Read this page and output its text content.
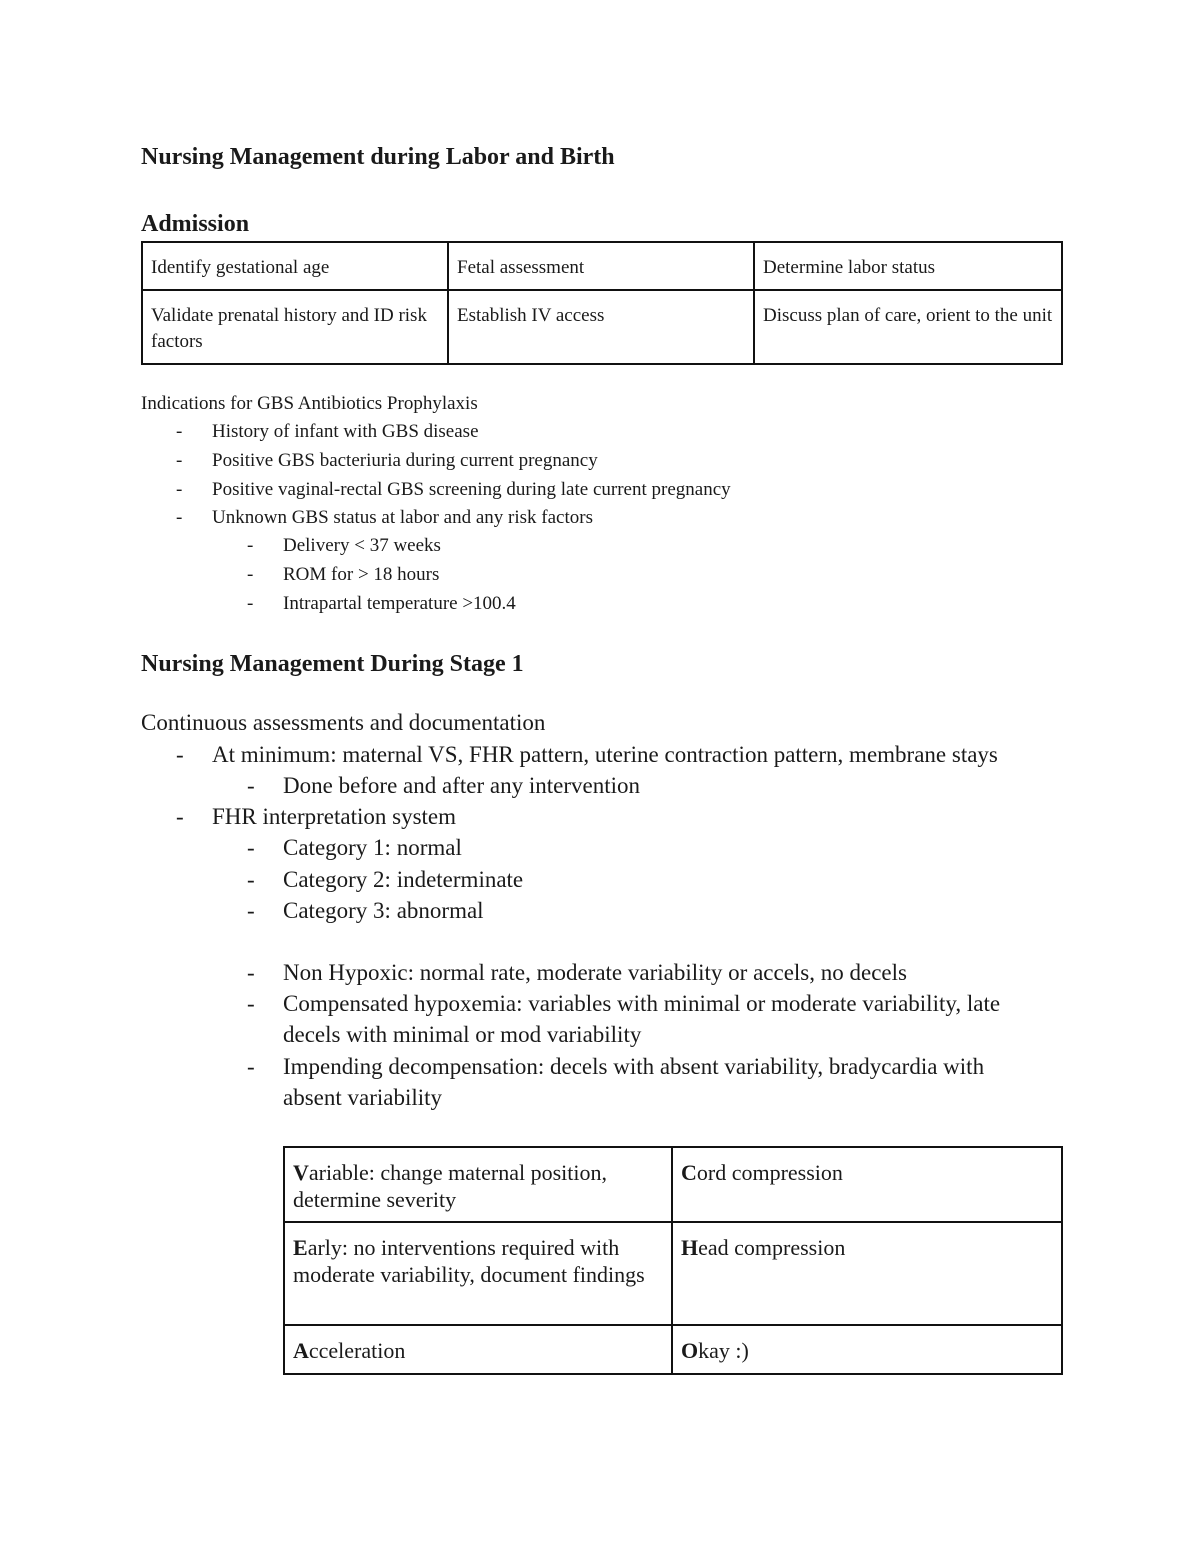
Nursing Management during Labor and Birth
Admission
Identify gestational age	Fetal assessment	Determine labor status
Validate prenatal history and ID risk factors	Establish IV access	Discuss plan of care, orient to the unit
Indications for GBS Antibiotics Prophylaxis
- History of infant with GBS disease
- Positive GBS bacteriuria during current pregnancy
- Positive vaginal-rectal GBS screening during late current pregnancy
- Unknown GBS status at labor and any risk factors
- Delivery < 37 weeks
- ROM for > 18 hours
- Intrapartal temperature >100.4
Nursing Management During Stage 1
Continuous assessments and documentation
- At minimum: maternal VS, FHR pattern, uterine contraction pattern, membrane stays
- Done before and after any intervention
- FHR interpretation system
- Category 1: normal
- Category 2: indeterminate
- Category 3: abnormal
- Non Hypoxic: normal rate, moderate variability or accels, no decels
- Compensated hypoxemia: variables with minimal or moderate variability, late
decels with minimal or mod variability
- Impending decompensation: decels with absent variability, bradycardia with
absent variability
Variable: change maternal position, determine severity	Cord compression
Early: no interventions required with moderate variability, document findings	Head compression
Acceleration	Okay :)
